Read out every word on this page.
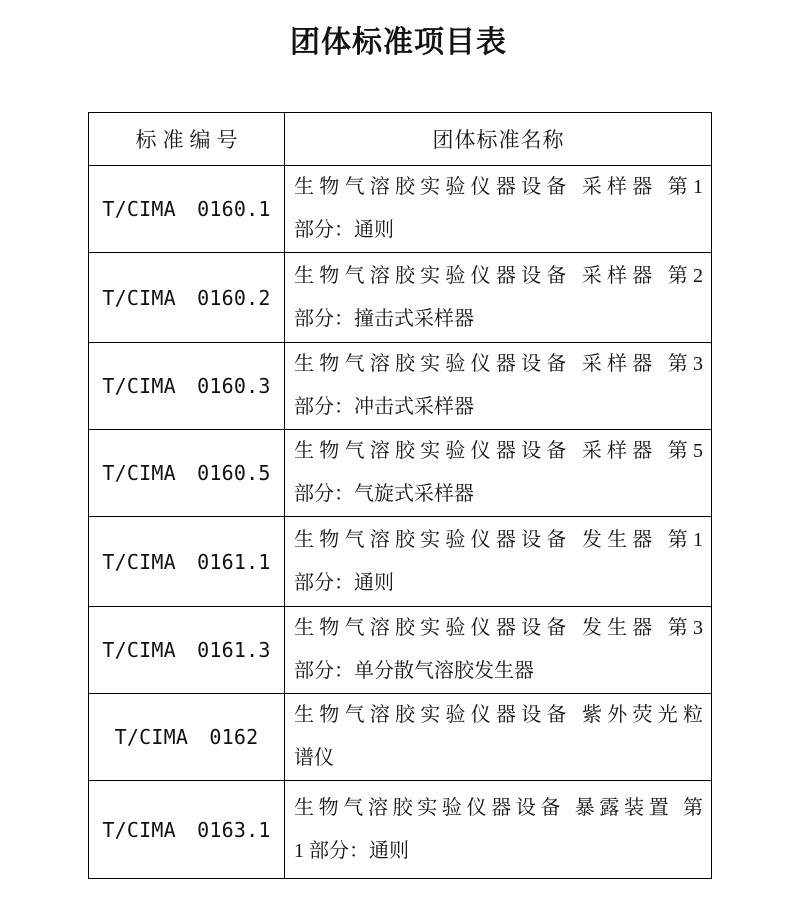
团体标准项目表
标准编号	团体标准名称
T/CIMA 0160.1	生物气溶胶实验仪器设备 采样器 第1
部分：通则

T/CIMA 0160.2	生物气溶胶实验仪器设备 采样器 第2
部分：撞击式采样器

T/CIMA 0160.3	生物气溶胶实验仪器设备 采样器 第3
部分：冲击式采样器

T/CIMA 0160.5	生物气溶胶实验仪器设备 采样器 第5
部分：气旋式采样器

T/CIMA 0161.1	生物气溶胶实验仪器设备 发生器 第1
部分：通则

T/CIMA 0161.3	生物气溶胶实验仪器设备 发生器 第3
部分：单分散气溶胶发生器

T/CIMA 0162	生物气溶胶实验仪器设备 紫外荧光粒
谱仪

T/CIMA 0163.1	生物气溶胶实验仪器设备 暴露装置 第
1 部分：通则
